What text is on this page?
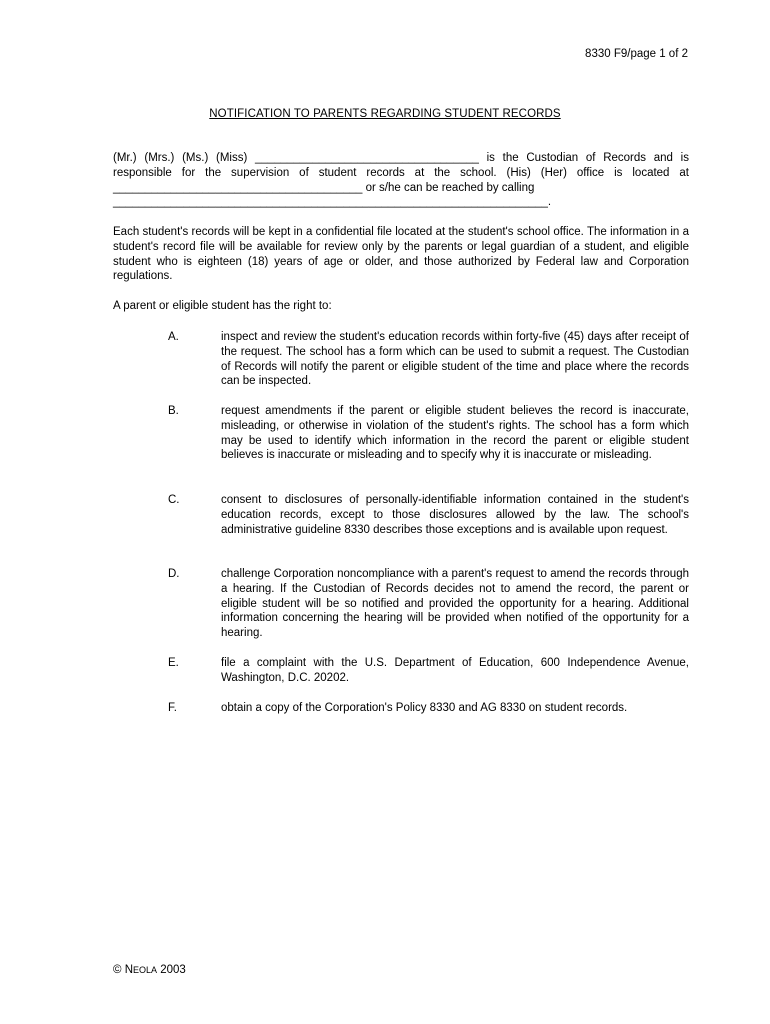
8330 F9/page 1 of 2
NOTIFICATION TO PARENTS REGARDING STUDENT RECORDS
(Mr.) (Mrs.) (Ms.) (Miss) ___________________________________ is the Custodian of Records and is responsible for the supervision of student records at the school. (His) (Her) office is located at _______________________________________ or s/he can be reached by calling
____________________________________________________________________.
Each student's records will be kept in a confidential file located at the student's school office. The information in a student's record file will be available for review only by the parents or legal guardian of a student, and eligible student who is eighteen (18) years of age or older, and those authorized by Federal law and Corporation regulations.
A parent or eligible student has the right to:
A.	inspect and review the student's education records within forty-five (45) days after receipt of the request. The school has a form which can be used to submit a request. The Custodian of Records will notify the parent or eligible student of the time and place where the records can be inspected.
B.	request amendments if the parent or eligible student believes the record is inaccurate, misleading, or otherwise in violation of the student's rights. The school has a form which may be used to identify which information in the record the parent or eligible student believes is inaccurate or misleading and to specify why it is inaccurate or misleading.
C.	consent to disclosures of personally-identifiable information contained in the student's education records, except to those disclosures allowed by the law. The school's administrative guideline 8330 describes those exceptions and is available upon request.
D.	challenge Corporation noncompliance with a parent's request to amend the records through a hearing. If the Custodian of Records decides not to amend the record, the parent or eligible student will be so notified and provided the opportunity for a hearing. Additional information concerning the hearing will be provided when notified of the opportunity for a hearing.
E.	file a complaint with the U.S. Department of Education, 600 Independence Avenue, Washington, D.C. 20202.
F.	obtain a copy of the Corporation's Policy 8330 and AG 8330 on student records.
© NEOLA 2003
